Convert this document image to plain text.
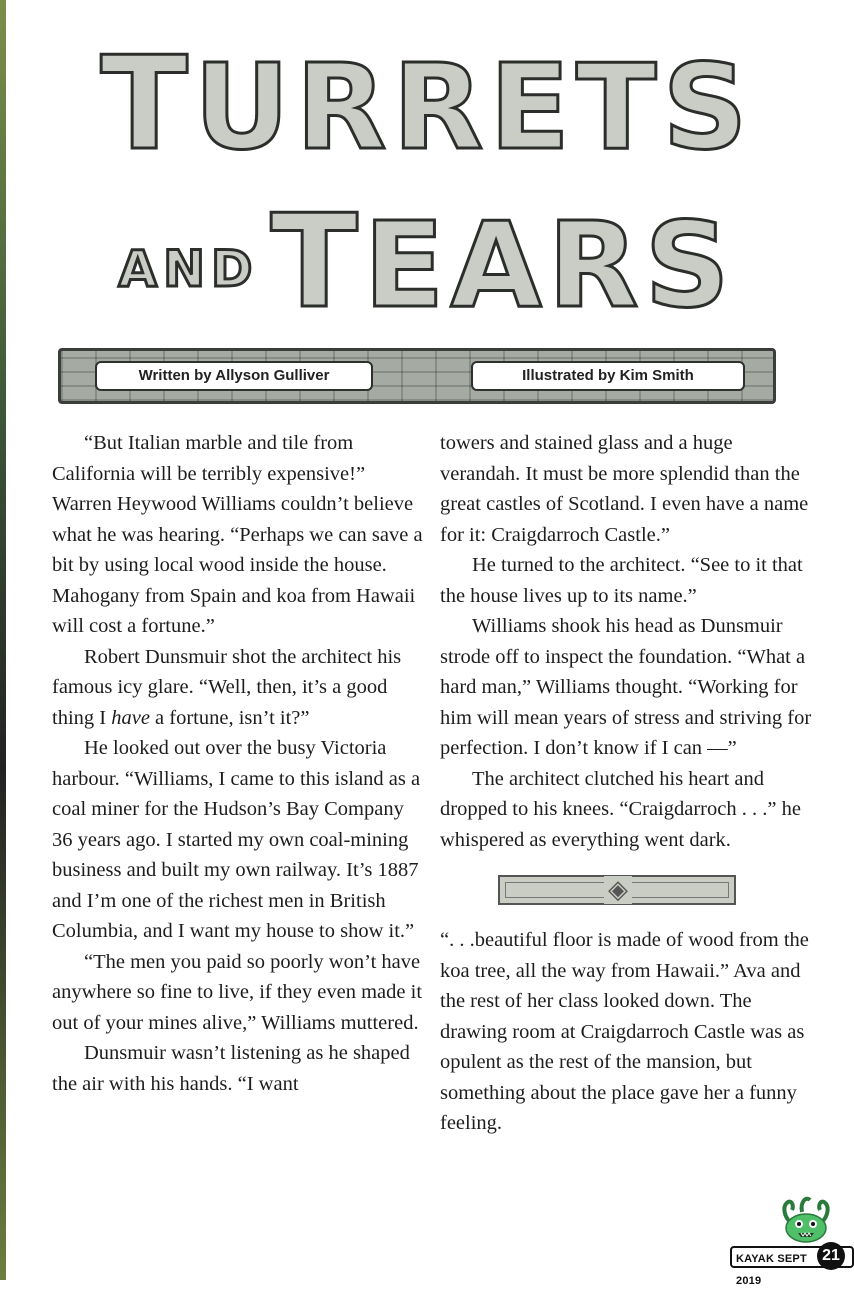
TURRETS
ANDTEARS
Written by Allyson Gulliver	Illustrated by Kim Smith

“But Italian marble and tile from California will be terribly expensive!” Warren Heywood Williams couldn’t believe what he was hearing. “Perhaps we can save a bit by using local wood inside the house. Mahogany from Spain and koa from Hawaii will cost a fortune.”

Robert Dunsmuir shot the architect his famous icy glare. “Well, then, it’s a good thing I have a fortune, isn’t it?”

He looked out over the busy Victoria harbour. “Williams, I came to this island as a coal miner for the Hudson’s Bay Company 36 years ago. I started my own coal-mining business and built my own railway. It’s 1887 and I’m one of the richest men in British Columbia, and I want my house to show it.”

“The men you paid so poorly won’t have anywhere so fine to live, if they even made it out of your mines alive,” Williams muttered.

Dunsmuir wasn’t listening as he shaped the air with his hands. “I want

towers and stained glass and a huge verandah. It must be more splendid than the great castles of Scotland. I even have a name for it: Craigdarroch Castle.”

He turned to the architect. “See to it that the house lives up to its name.”

Williams shook his head as Dunsmuir strode off to inspect the foundation. “What a hard man,” Williams thought. “Working for him will mean years of stress and striving for perfection. I don’t know if I can —”

The architect clutched his heart and dropped to his knees. “Craigdarroch . . .” he whispered as everything went dark.

◈

“. . .beautiful floor is made of wood from the koa tree, all the way from Hawaii.” Ava and the rest of her class looked down. The drawing room at Craigdarroch Castle was as opulent as the rest of the mansion, but something about the place gave her a funny feeling.

KAYAK SEPT 2019
21
